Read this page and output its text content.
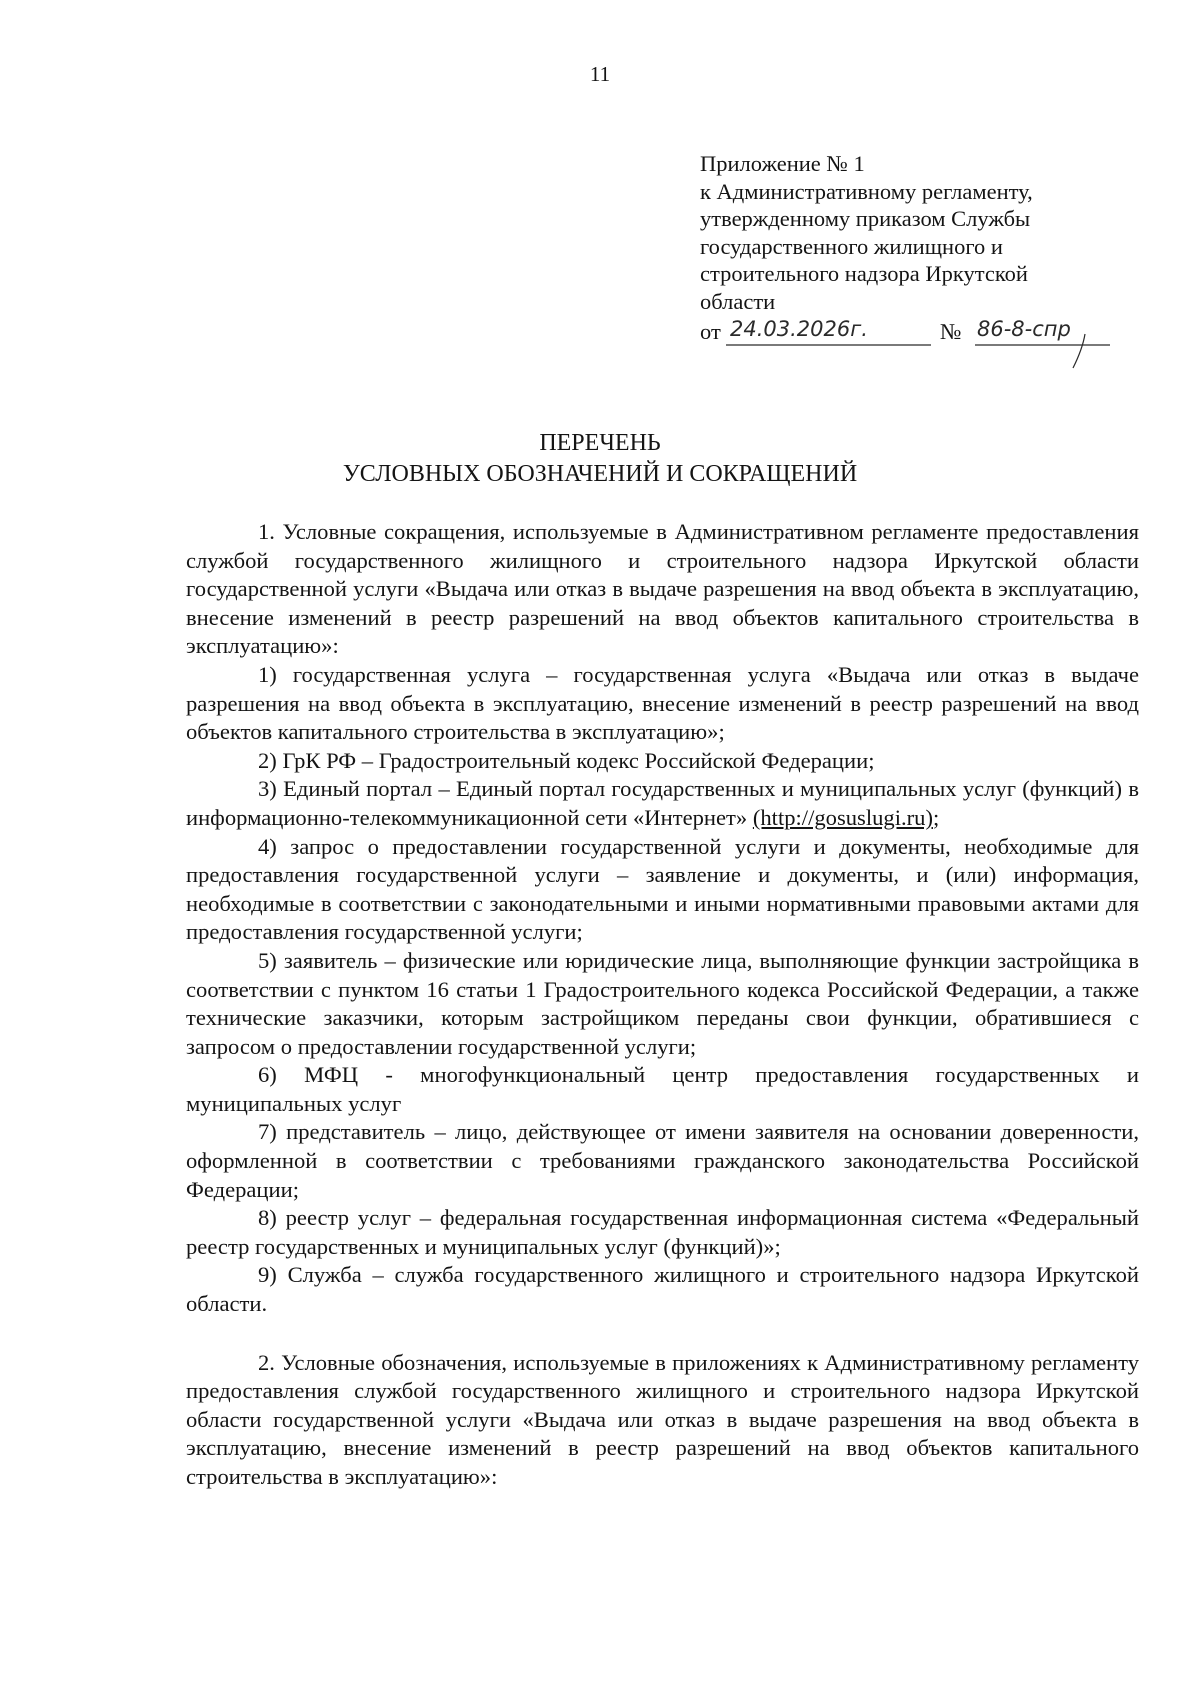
11
Приложение № 1
к Административному регламенту,
утвержденному приказом Службы
государственного жилищного и
строительного надзора Иркутской
области
от 24.03.2026г.	№ 86-8-спр
ПЕРЕЧЕНЬ
УСЛОВНЫХ ОБОЗНАЧЕНИЙ И СОКРАЩЕНИЙ

1. Условные сокращения, используемые в Административном регламенте предоставления службой государственного жилищного и строительного надзора Иркутской области государственной услуги «Выдача или отказ в выдаче разрешения на ввод объекта в эксплуатацию, внесение изменений в реестр разрешений на ввод объектов капитального строительства в эксплуатацию»:

1) государственная услуга – государственная услуга «Выдача или отказ в выдаче разрешения на ввод объекта в эксплуатацию, внесение изменений в реестр разрешений на ввод объектов капитального строительства в эксплуатацию»;

2) ГрК РФ – Градостроительный кодекс Российской Федерации;

3) Единый портал – Единый портал государственных и муниципальных услуг (функций) в информационно-телекоммуникационной сети «Интернет» (http://gosuslugi.ru);

4) запрос о предоставлении государственной услуги и документы, необходимые для предоставления государственной услуги – заявление и документы, и (или) информация, необходимые в соответствии с законодательными и иными нормативными правовыми актами для предоставления государственной услуги;

5) заявитель – физические или юридические лица, выполняющие функции застройщика в соответствии с пунктом 16 статьи 1 Градостроительного кодекса Российской Федерации, а также технические заказчики, которым застройщиком переданы свои функции, обратившиеся с запросом о предоставлении государственной услуги;

6) МФЦ - многофункциональный центр предоставления государственных и муниципальных услуг

7) представитель – лицо, действующее от имени заявителя на основании доверенности, оформленной в соответствии с требованиями гражданского законодательства Российской Федерации;

8) реестр услуг – федеральная государственная информационная система «Федеральный реестр государственных и муниципальных услуг (функций)»;

9) Служба – служба государственного жилищного и строительного надзора Иркутской области.

2. Условные обозначения, используемые в приложениях к Административному регламенту предоставления службой государственного жилищного и строительного надзора Иркутской области государственной услуги «Выдача или отказ в выдаче разрешения на ввод объекта в эксплуатацию, внесение изменений в реестр разрешений на ввод объектов капитального строительства в эксплуатацию»:
